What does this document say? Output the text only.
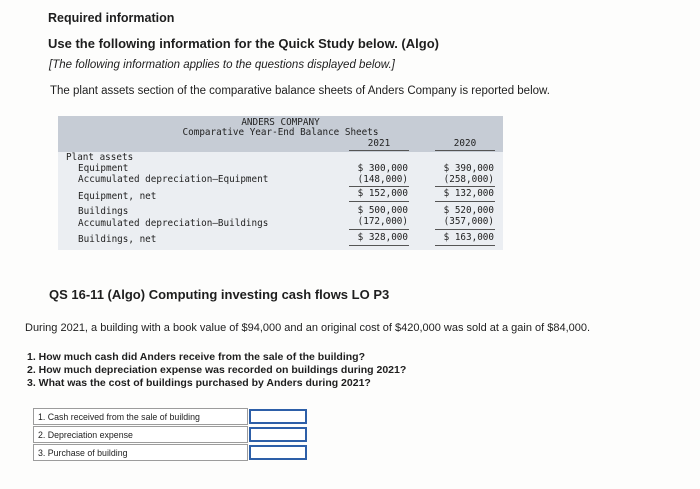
Required information
Use the following information for the Quick Study below. (Algo)
[The following information applies to the questions displayed below.]
The plant assets section of the comparative balance sheets of Anders Company is reported below.
ANDERS COMPANY
Comparative Year-End Balance Sheets
2021	2020
Plant assets
Equipment	$ 300,000	$ 390,000
Accumulated depreciation—Equipment	(148,000)	(258,000)
Equipment, net	$ 152,000	$ 132,000
Buildings	$ 500,000	$ 520,000
Accumulated depreciation—Buildings	(172,000)	(357,000)
Buildings, net	$ 328,000	$ 163,000
QS 16-11 (Algo) Computing investing cash flows LO P3
During 2021, a building with a book value of $94,000 and an original cost of $420,000 was sold at a gain of $84,000.
1. How much cash did Anders receive from the sale of the building?
2. How much depreciation expense was recorded on buildings during 2021?
3. What was the cost of buildings purchased by Anders during 2021?
1. Cash received from the sale of building
2. Depreciation expense
3. Purchase of building
